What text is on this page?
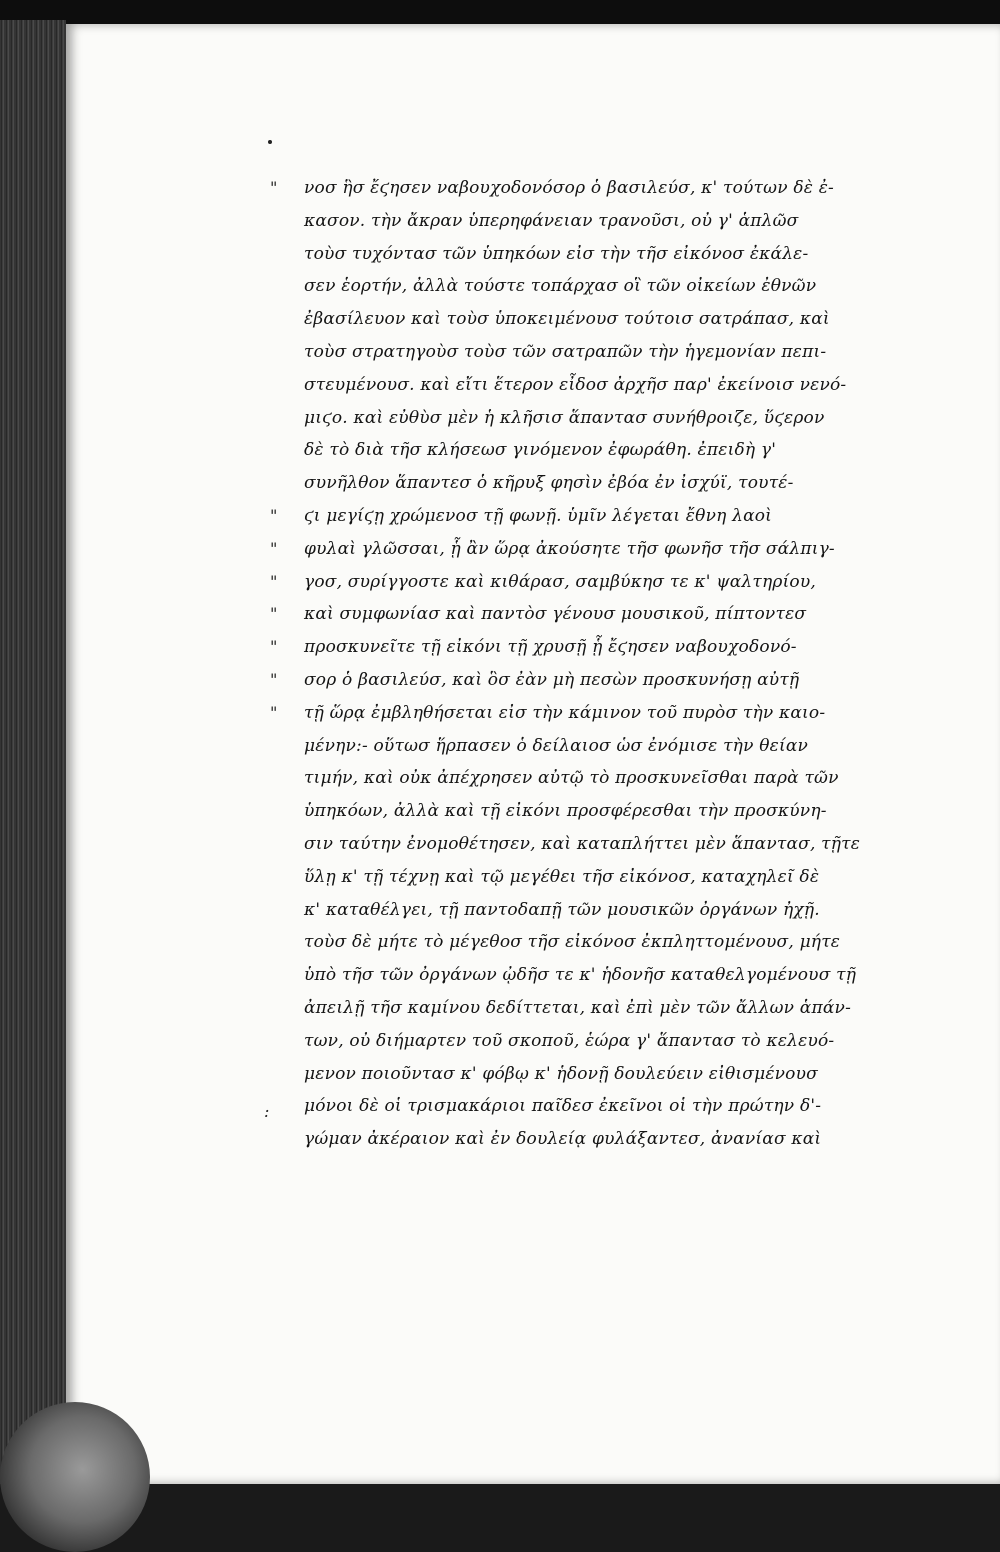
:
" νοσ ἣσ ἔϛησεν ναβουχοδονόσορ ὁ βασιλεύσ, κ' τούτων δὲ ἐ-
κασον. τὴν ἄκραν ὑπερηφάνειαν τρανοῦσι, οὐ γ' ἁπλῶσ
τοὺσ τυχόντασ τῶν ὑπηκόων εἰσ τὴν τῆσ εἰκόνοσ ἐκάλε-
σεν ἑορτήν, ἀλλὰ τούστε τοπάρχασ οἳ τῶν οἰκείων ἐθνῶν
ἐβασίλευον καὶ τοὺσ ὑποκειμένουσ τούτοισ σατράπασ, καὶ
τοὺσ στρατηγοὺσ τοὺσ τῶν σατραπῶν τὴν ἡγεμονίαν πεπι-
στευμένουσ. καὶ εἴτι ἕτερον εἶδοσ ἀρχῆσ παρ' ἐκείνοισ νενό-
μιϛο. καὶ εὐθὺσ μὲν ἡ κλῆσισ ἅπαντασ συνήθροιζε, ὕϛερον
δὲ τὸ διὰ τῆσ κλήσεωσ γινόμενον ἐφωράθη. ἐπειδὴ γ'
συνῆλθον ἅπαντεσ ὁ κῆρυξ φησὶν ἐβόα ἐν ἰσχύϊ, τουτέ-
" ϛι μεγίϛῃ χρώμενοσ τῇ φωνῇ. ὑμῖν λέγεται ἔθνη λαοὶ
" φυλαὶ γλῶσσαι, ᾗ ἂν ὥρᾳ ἀκούσητε τῆσ φωνῆσ τῆσ σάλπιγ-
" γοσ, συρίγγοστε καὶ κιθάρασ, σαμβύκησ τε κ' ψαλτηρίου,
" καὶ συμφωνίασ καὶ παντὸσ γένουσ μουσικοῦ, πίπτοντεσ
" προσκυνεῖτε τῇ εἰκόνι τῇ χρυσῇ ᾗ ἔϛησεν ναβουχοδονό-
" σορ ὁ βασιλεύσ, καὶ ὃσ ἐὰν μὴ πεσὼν προσκυνήσῃ αὐτῇ
" τῇ ὥρᾳ ἐμβληθήσεται εἰσ τὴν κάμινον τοῦ πυρὸσ τὴν καιο-
μένην:- οὕτωσ ἥρπασεν ὁ δείλαιοσ ὡσ ἐνόμισε τὴν θείαν
τιμήν, καὶ οὐκ ἀπέχρησεν αὐτῷ τὸ προσκυνεῖσθαι παρὰ τῶν
ὑπηκόων, ἀλλὰ καὶ τῇ εἰκόνι προσφέρεσθαι τὴν προσκύνη-
σιν ταύτην ἐνομοθέτησεν, καὶ καταπλήττει μὲν ἅπαντασ, τῇτε
ὕλῃ κ' τῇ τέχνῃ καὶ τῷ μεγέθει τῆσ εἰκόνοσ, καταχηλεῖ δὲ
κ' καταθέλγει, τῇ παντοδαπῇ τῶν μουσικῶν ὀργάνων ἠχῇ.
τοὺσ δὲ μήτε τὸ μέγεθοσ τῆσ εἰκόνοσ ἐκπληττομένουσ, μήτε
ὑπὸ τῆσ τῶν ὀργάνων ᾠδῆσ τε κ' ἡδονῆσ καταθελγομένουσ τῇ
ἀπειλῇ τῆσ καμίνου δεδίττεται, καὶ ἐπὶ μὲν τῶν ἄλλων ἁπάν-
των, οὐ διήμαρτεν τοῦ σκοποῦ, ἑώρα γ' ἅπαντασ τὸ κελευό-
μενον ποιοῦντασ κ' φόβῳ κ' ἡδονῇ δουλεύειν εἰθισμένουσ
μόνοι δὲ οἱ τρισμακάριοι παῖδεσ ἐκεῖνοι οἱ τὴν πρώτην δ'-
γώμαν ἀκέραιον καὶ ἐν δουλείᾳ φυλάξαντεσ, ἀνανίασ καὶ
